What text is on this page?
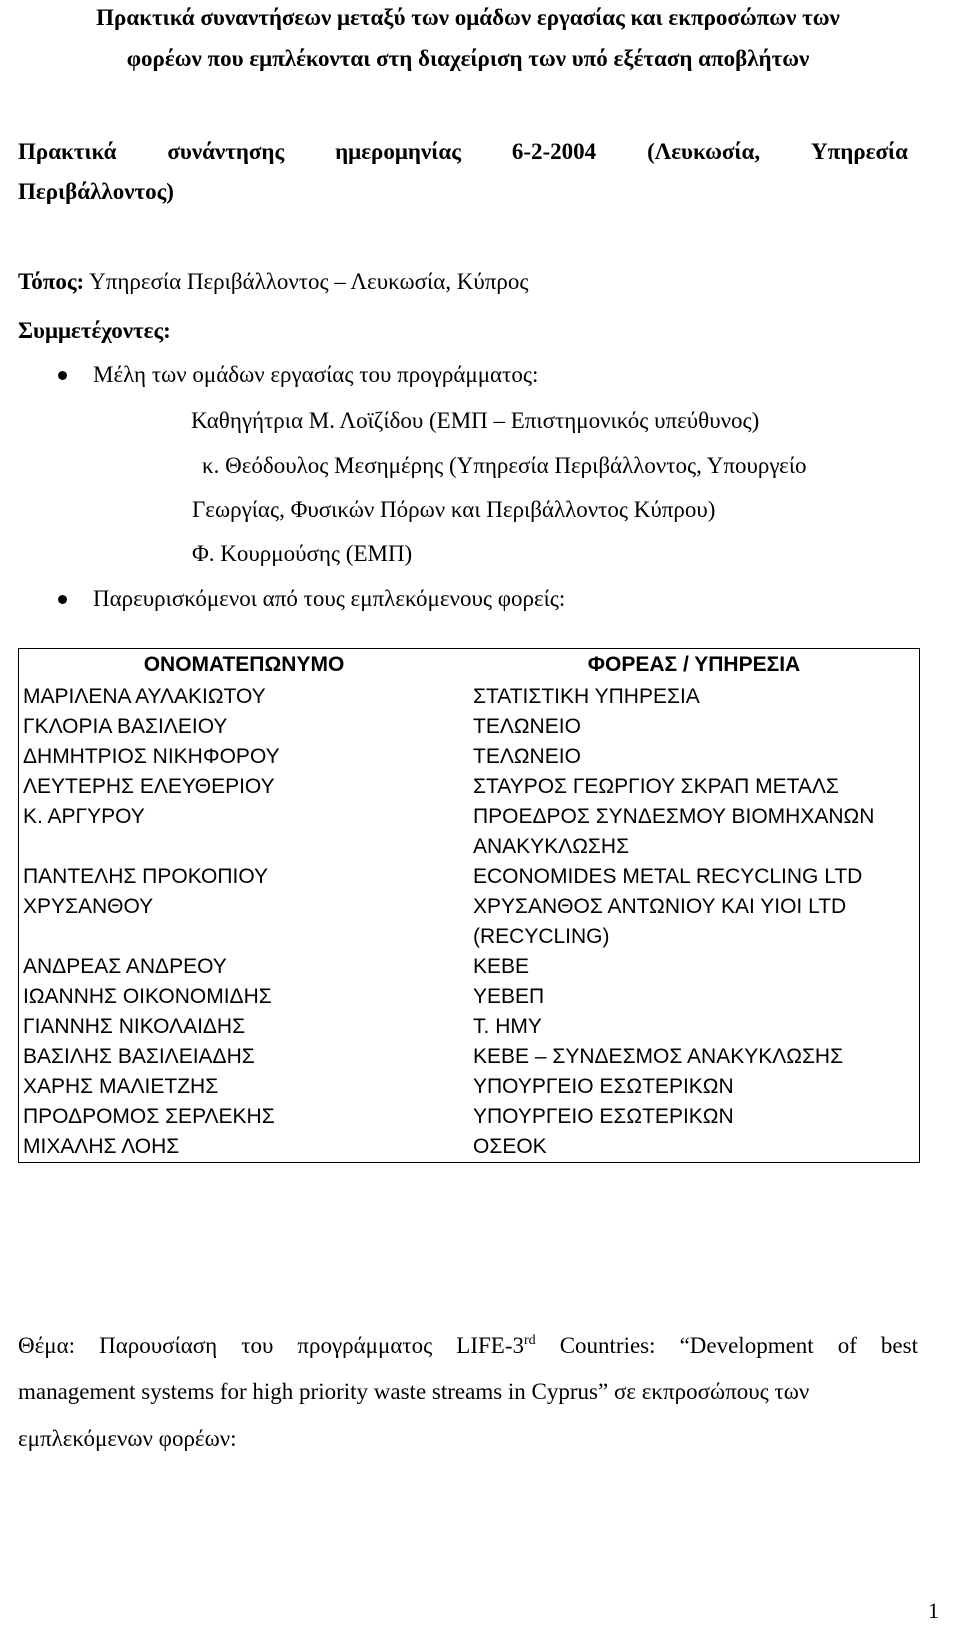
Πρακτικά συναντήσεων μεταξύ των ομάδων εργασίας και εκπροσώπων των
φορέων που εμπλέκονται στη διαχείριση των υπό εξέταση αποβλήτων
Πρακτικά συνάντησης ημερομηνίας 6-2-2004 (Λευκωσία, Υπηρεσία
Περιβάλλοντος)
Τόπος: Υπηρεσία Περιβάλλοντος – Λευκωσία, Κύπρος
Συμμετέχοντες:
Μέλη των ομάδων εργασίας του προγράμματος:
Καθηγήτρια Μ. Λοϊζίδου (ΕΜΠ – Επιστημονικός υπεύθυνος)
κ. Θεόδουλος Μεσημέρης (Υπηρεσία Περιβάλλοντος, Υπουργείο
Γεωργίας, Φυσικών Πόρων και Περιβάλλοντος Κύπρου)
Φ. Κουρμούσης (ΕΜΠ)
Παρευρισκόμενοι από τους εμπλεκόμενους φορείς:
ΟΝΟΜΑΤΕΠΩΝΥΜΟ	ΦΟΡΕΑΣ / ΥΠΗΡΕΣΙΑ
ΜΑΡΙΛΕΝΑ ΑΥΛΑΚΙΩΤΟΥ	ΣΤΑΤΙΣΤΙΚΗ ΥΠΗΡΕΣΙΑ
ΓΚΛΟΡΙΑ ΒΑΣΙΛΕΙΟΥ	ΤΕΛΩΝΕΙΟ
ΔΗΜΗΤΡΙΟΣ ΝΙΚΗΦΟΡΟΥ	ΤΕΛΩΝΕΙΟ
ΛΕΥΤΕΡΗΣ ΕΛΕΥΘΕΡΙΟΥ	ΣΤΑΥΡΟΣ ΓΕΩΡΓΙΟΥ ΣΚΡΑΠ ΜΕΤΑΛΣ
Κ. ΑΡΓΥΡΟΥ	ΠΡΟΕΔΡΟΣ ΣΥΝΔΕΣΜΟΥ ΒΙΟΜΗΧΑΝΩΝ ΑΝΑΚΥΚΛΩΣΗΣ
ΠΑΝΤΕΛΗΣ ΠΡΟΚΟΠΙΟΥ	ECONOMIDES METAL RECYCLING LTD
ΧΡΥΣΑΝΘΟΥ	ΧΡΥΣΑΝΘΟΣ ΑΝΤΩΝΙΟΥ ΚΑΙ ΥΙΟΙ LTD (RECYCLING)
ΑΝΔΡΕΑΣ ΑΝΔΡΕΟΥ	ΚΕΒΕ
ΙΩΑΝΝΗΣ ΟΙΚΟΝΟΜΙΔΗΣ	ΥΕΒΕΠ
ΓΙΑΝΝΗΣ ΝΙΚΟΛΑΙΔΗΣ	Τ. ΗΜΥ
ΒΑΣΙΛΗΣ ΒΑΣΙΛΕΙΑΔΗΣ	ΚΕΒΕ – ΣΥΝΔΕΣΜΟΣ ΑΝΑΚΥΚΛΩΣΗΣ
ΧΑΡΗΣ ΜΑΛΙΕΤΖΗΣ	ΥΠΟΥΡΓΕΙΟ ΕΣΩΤΕΡΙΚΩΝ
ΠΡΟΔΡΟΜΟΣ ΣΕΡΛΕΚΗΣ	ΥΠΟΥΡΓΕΙΟ ΕΣΩΤΕΡΙΚΩΝ
ΜΙΧΑΛΗΣ ΛΟΗΣ	ΟΣΕΟΚ
Θέμα: Παρουσίαση του προγράμματος LIFE-3rd Countries: “Development of best
management systems for high priority waste streams in Cyprus” σε εκπροσώπους των
εμπλεκόμενων φορέων:
1
